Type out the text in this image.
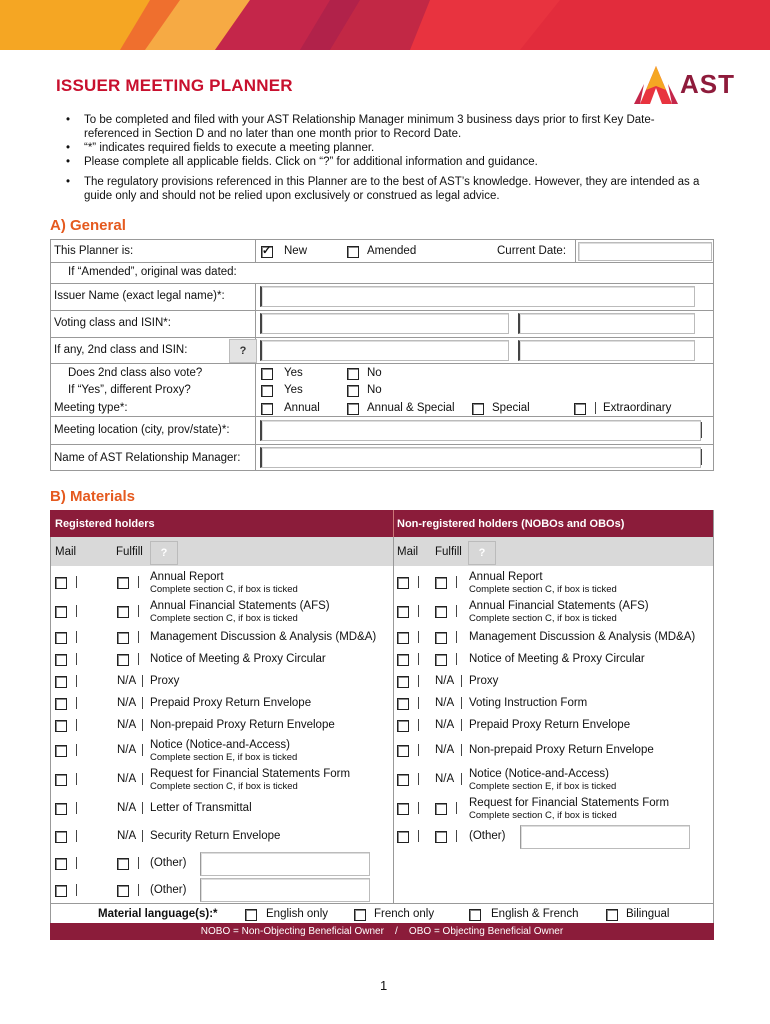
ISSUER MEETING PLANNER	AST
• To be completed and filed with your AST Relationship Manager minimum 3 business days prior to first Key Date-referenced in Section D and no later than one month prior to Record Date.
• “*” indicates required fields to execute a meeting planner.
• Please complete all applicable fields. Click on “?” for additional information and guidance.
• The regulatory provisions referenced in this Planner are to the best of AST’s knowledge. However, they are intended as a guide only and should not be relied upon exclusively or construed as legal advice.
A) General
This Planner is:
✓	New	Amended	Current Date:
If “Amended”, original was dated:
Issuer Name (exact legal name)*:
Voting class and ISIN*:
If any, 2nd class and ISIN:	?
Does 2nd class also vote?	Yes	No
If “Yes”, different Proxy?	Yes	No
Meeting type*:	Annual	Annual & Special	Special	Extraordinary
Meeting location (city, prov/state)*:
Name of AST Relationship Manager:
B) Materials
Registered holders	Non-registered holders (NOBOs and OBOs)
Mail	Fulfill	?	Mail Fulfill	?
Annual Report
Complete section C, if box is ticked
Annual Financial Statements (AFS)
Complete section C, if box is ticked
Management Discussion & Analysis (MD&A)
Notice of Meeting & Proxy Circular
N/A Proxy
N/A Prepaid Proxy Return Envelope
N/A Non-prepaid Proxy Return Envelope
N/A Notice (Notice-and-Access)
Complete section E, if box is ticked
N/A Request for Financial Statements Form
Complete section C, if box is ticked
N/A Letter of Transmittal
N/A Security Return Envelope
(Other)
(Other)
Annual Report
Complete section C, if box is ticked
Annual Financial Statements (AFS)
Complete section C, if box is ticked
Management Discussion & Analysis (MD&A)
Notice of Meeting & Proxy Circular
N/A Proxy
N/A Voting Instruction Form
N/A Prepaid Proxy Return Envelope
N/A Non-prepaid Proxy Return Envelope
N/A Notice (Notice-and-Access)
Complete section E, if box is ticked
Request for Financial Statements Form
Complete section C, if box is ticked
(Other)
Material language(s):*	English only	French only	English & French	Bilingual
NOBO = Non-Objecting Beneficial Owner    /    OBO = Objecting Beneficial Owner
1
